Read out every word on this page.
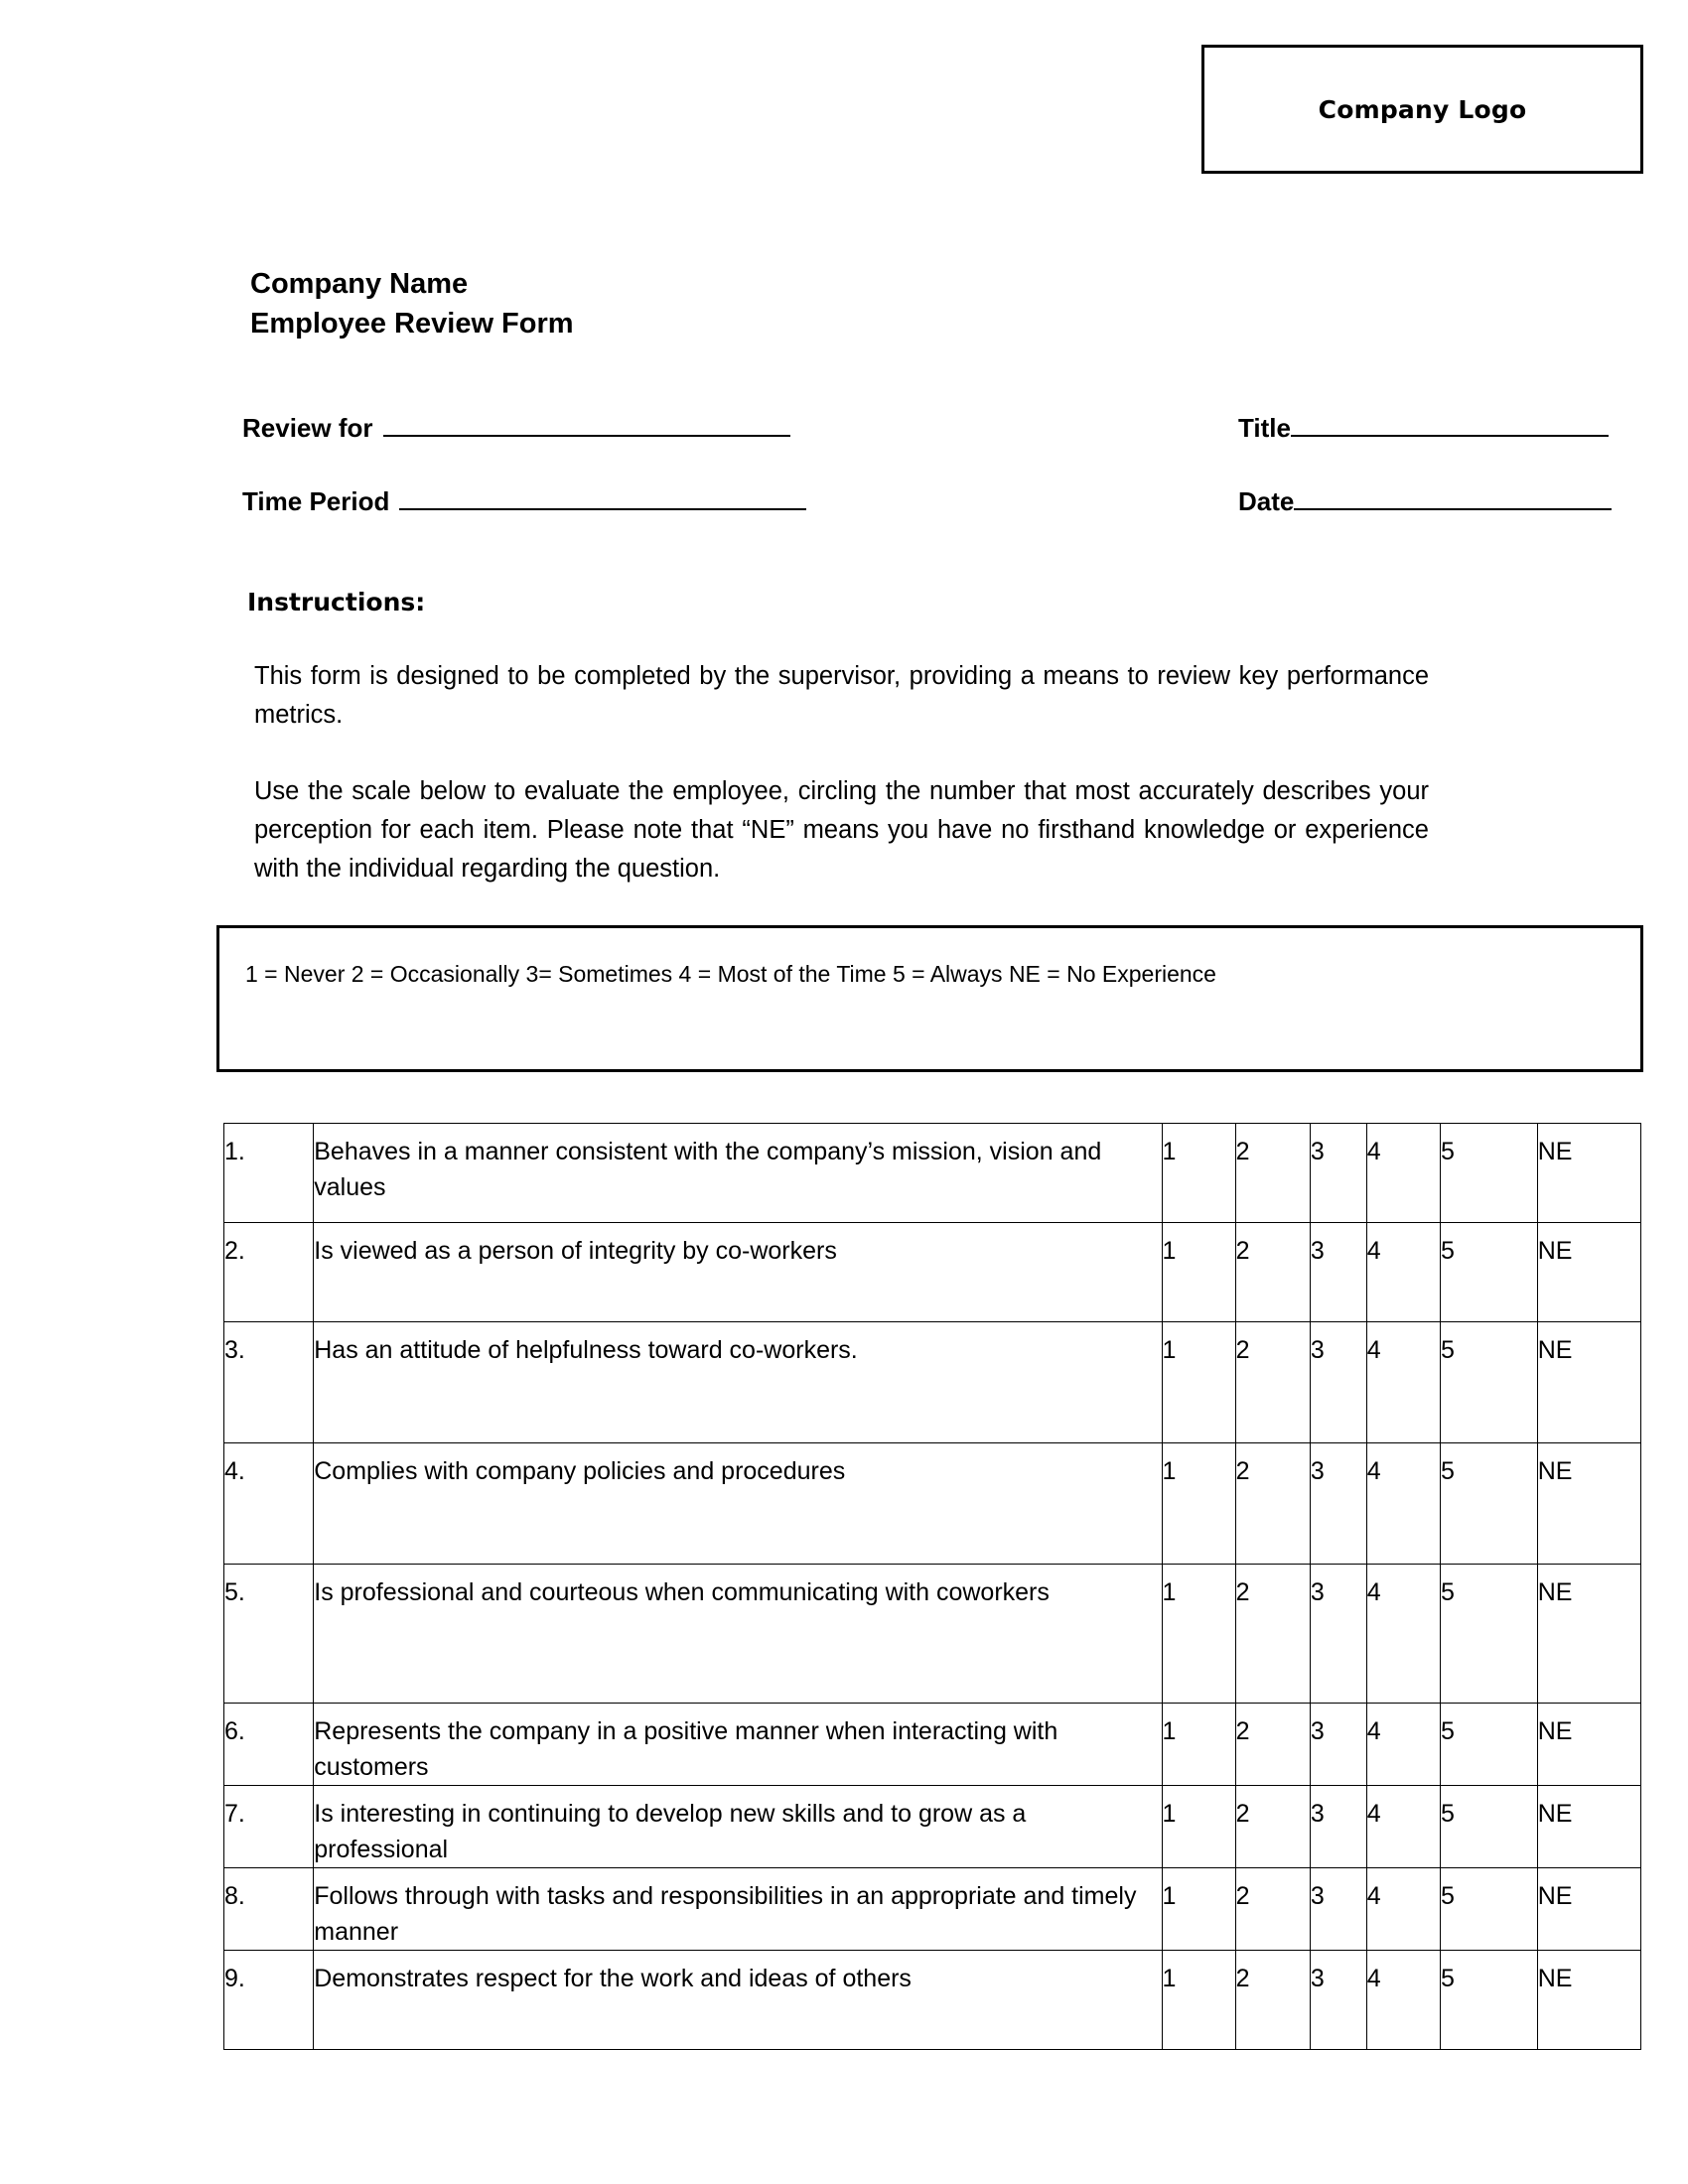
Company Logo
Company Name
Employee Review Form
Review for	Title
Time Period	Date
Instructions:

This form is designed to be completed by the supervisor, providing a means to review key performance metrics.

Use the scale below to evaluate the employee, circling the number that most accurately describes your perception for each item. Please note that “NE” means you have no firsthand knowledge or experience with the individual regarding the question.

1 = Never 2 = Occasionally 3= Sometimes 4 = Most of the Time 5 = Always NE = No Experience
1.	Behaves in a manner consistent with the company’s mission, vision and values	1	2	3	4	5	NE
2.	Is viewed as a person of integrity by co-workers	1	2	3	4	5	NE
3.	Has an attitude of helpfulness toward co-workers.	1	2	3	4	5	NE
4.	Complies with company policies and procedures	1	2	3	4	5	NE
5.	Is professional and courteous when communicating with coworkers	1	2	3	4	5	NE
6.	Represents the company in a positive manner when interacting with customers	1	2	3	4	5	NE
7.	Is interesting in continuing to develop new skills and to grow as a professional	1	2	3	4	5	NE
8.	Follows through with tasks and responsibilities in an appropriate and timely manner	1	2	3	4	5	NE
9.	Demonstrates respect for the work and ideas of others	1	2	3	4	5	NE
